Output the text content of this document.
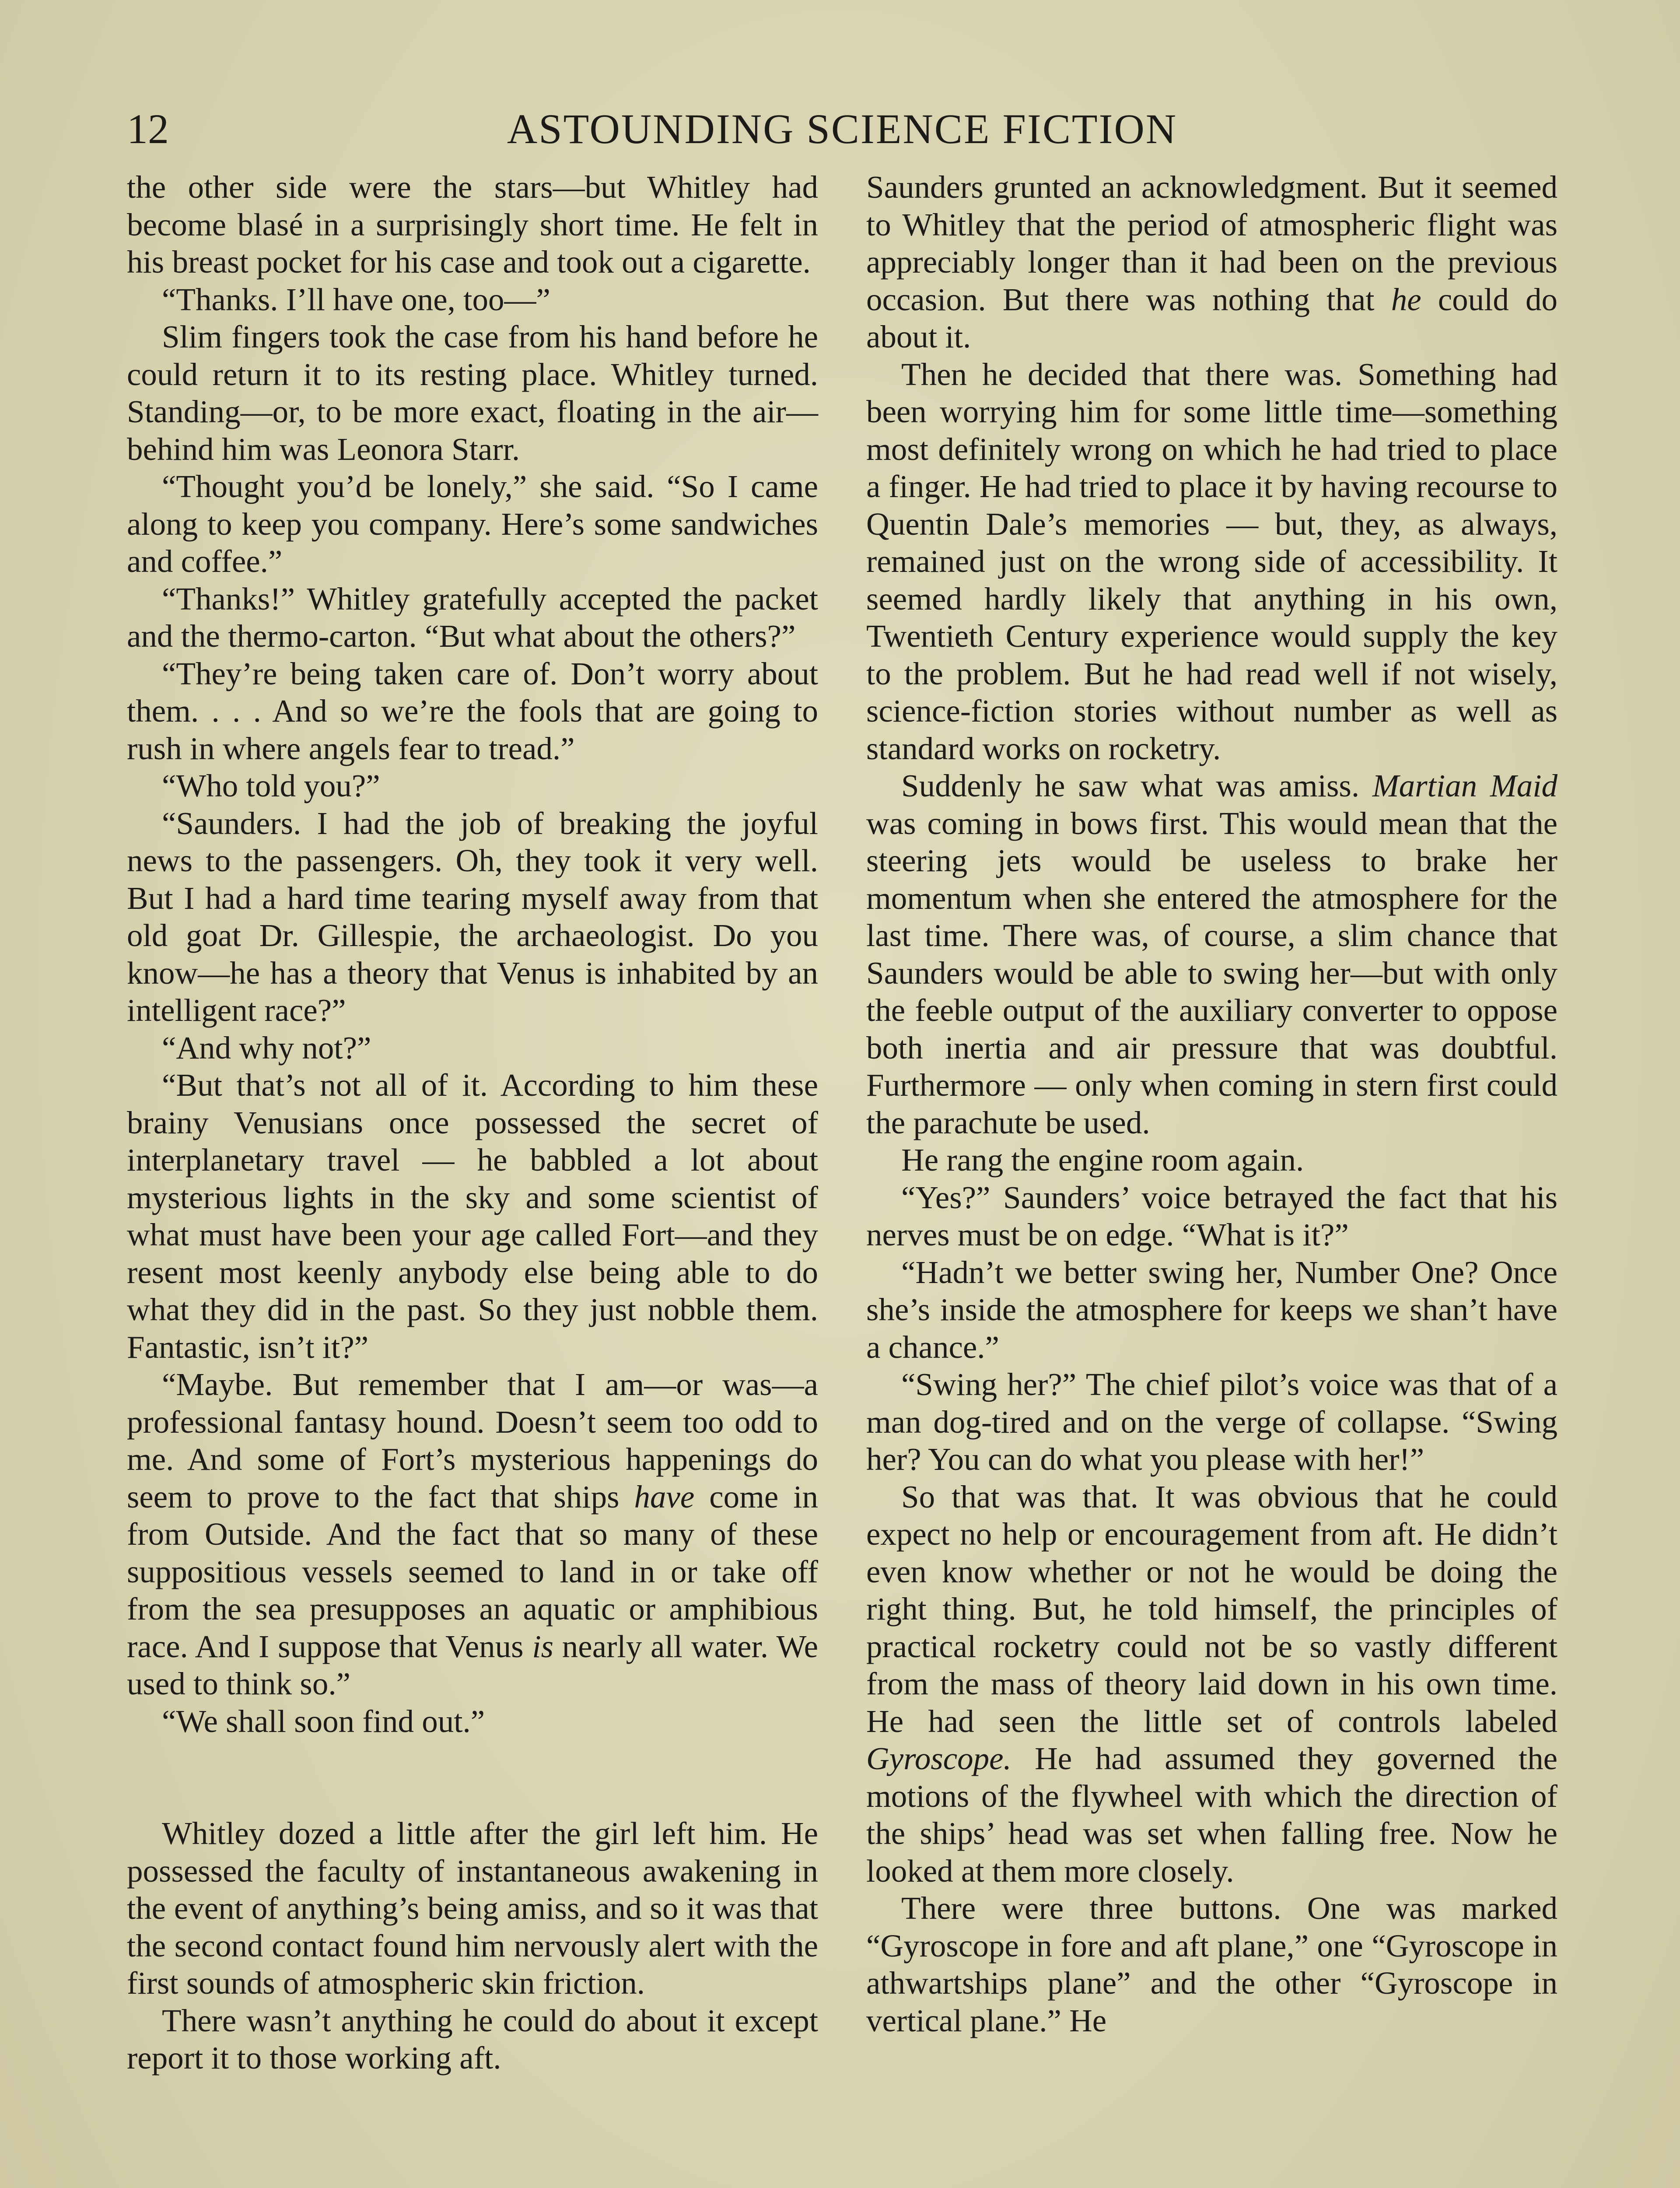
12	ASTOUNDING SCIENCE FICTION

the other side were the stars—but Whitley had become blasé in a surprisingly short time. He felt in his breast pocket for his case and took out a cigarette.

“Thanks. I’ll have one, too—”

Slim fingers took the case from his hand before he could return it to its resting place. Whitley turned. Standing—or, to be more exact, floating in the air—behind him was Leonora Starr.

“Thought you’d be lonely,” she said. “So I came along to keep you company. Here’s some sandwiches and coffee.”

“Thanks!” Whitley gratefully accepted the packet and the thermo-carton. “But what about the others?”

“They’re being taken care of. Don’t worry about them. . . . And so we’re the fools that are going to rush in where angels fear to tread.”

“Who told you?”

“Saunders. I had the job of breaking the joyful news to the passengers. Oh, they took it very well. But I had a hard time tearing myself away from that old goat Dr. Gillespie, the archaeologist. Do you know—he has a theory that Venus is inhabited by an intelligent race?”

“And why not?”

“But that’s not all of it. According to him these brainy Venusians once possessed the secret of interplanetary travel — he babbled a lot about mysterious lights in the sky and some scientist of what must have been your age called Fort—and they resent most keenly anybody else being able to do what they did in the past. So they just nobble them. Fantastic, isn’t it?”

“Maybe. But remember that I am—or was—a professional fantasy hound. Doesn’t seem too odd to me. And some of Fort’s mysterious happenings do seem to prove to the fact that ships have come in from Outside. And the fact that so many of these suppositious vessels seemed to land in or take off from the sea presupposes an aquatic or amphibious race. And I suppose that Venus is nearly all water. We used to think so.”

“We shall soon find out.”

Whitley dozed a little after the girl left him. He possessed the faculty of instantaneous awakening in the event of anything’s being amiss, and so it was that the second contact found him nervously alert with the first sounds of atmospheric skin friction.

There wasn’t anything he could do about it except report it to those working aft.

Saunders grunted an acknowledgment. But it seemed to Whitley that the period of atmospheric flight was appreciably longer than it had been on the previous occasion. But there was nothing that he could do about it.

Then he decided that there was. Something had been worrying him for some little time—something most definitely wrong on which he had tried to place a finger. He had tried to place it by having recourse to Quentin Dale’s memories — but, they, as always, remained just on the wrong side of accessibility. It seemed hardly likely that anything in his own, Twentieth Century experience would supply the key to the problem. But he had read well if not wisely, science-fiction stories without number as well as standard works on rocketry.

Suddenly he saw what was amiss. Martian Maid was coming in bows first. This would mean that the steering jets would be useless to brake her momentum when she entered the atmosphere for the last time. There was, of course, a slim chance that Saunders would be able to swing her—but with only the feeble output of the auxiliary converter to oppose both inertia and air pressure that was doubtful. Furthermore — only when coming in stern first could the parachute be used.

He rang the engine room again.

“Yes?” Saunders’ voice betrayed the fact that his nerves must be on edge. “What is it?”

“Hadn’t we better swing her, Number One? Once she’s inside the atmosphere for keeps we shan’t have a chance.”

“Swing her?” The chief pilot’s voice was that of a man dog-tired and on the verge of collapse. “Swing her? You can do what you please with her!”

So that was that. It was obvious that he could expect no help or encouragement from aft. He didn’t even know whether or not he would be doing the right thing. But, he told himself, the principles of practical rocketry could not be so vastly different from the mass of theory laid down in his own time. He had seen the little set of controls labeled Gyroscope. He had assumed they governed the motions of the flywheel with which the direction of the ships’ head was set when falling free. Now he looked at them more closely.

There were three buttons. One was marked “Gyroscope in fore and aft plane,” one “Gyroscope in athwartships plane” and the other “Gyroscope in vertical plane.” He
